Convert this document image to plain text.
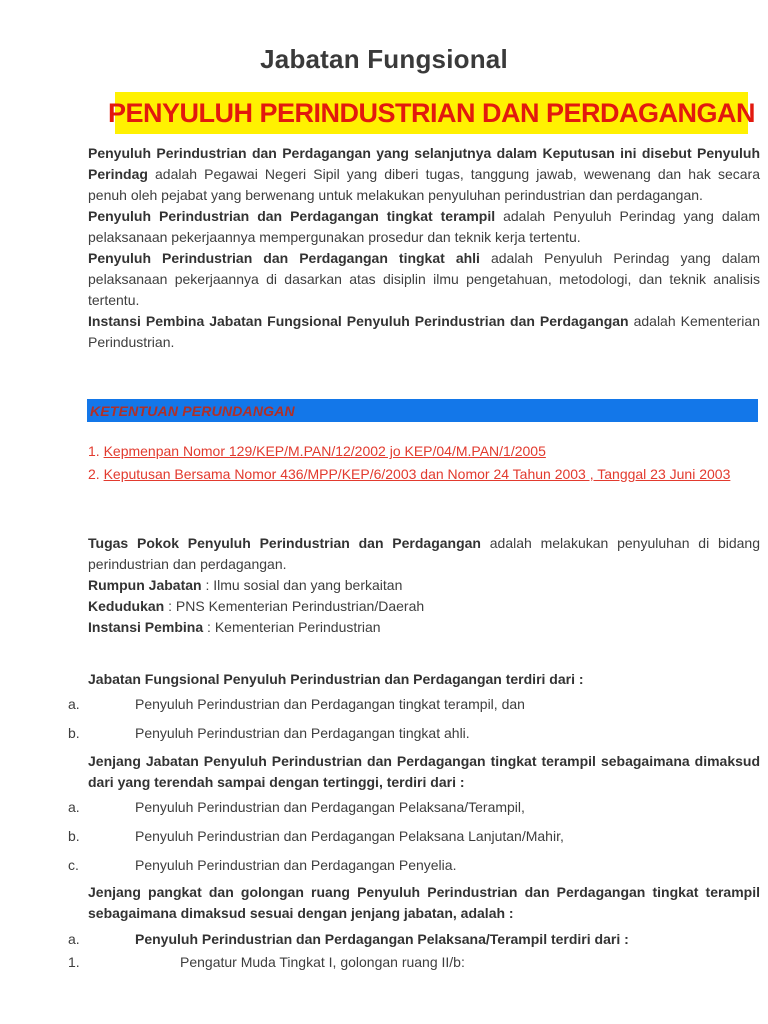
Jabatan Fungsional

PENYULUH PERINDUSTRIAN DAN PERDAGANGAN

Penyuluh Perindustrian dan Perdagangan yang selanjutnya dalam Keputusan ini disebut Penyuluh Perindag adalah Pegawai Negeri Sipil yang diberi tugas, tanggung jawab, wewenang dan hak secara penuh oleh pejabat yang berwenang untuk melakukan penyuluhan perindustrian dan perdagangan.

Penyuluh Perindustrian dan Perdagangan tingkat terampil adalah Penyuluh Perindag yang dalam pelaksanaan pekerjaannya mempergunakan prosedur dan teknik kerja tertentu.

Penyuluh Perindustrian dan Perdagangan tingkat ahli adalah Penyuluh Perindag yang dalam pelaksanaan pekerjaannya di dasarkan atas disiplin ilmu pengetahuan, metodologi, dan teknik analisis tertentu.

Instansi Pembina Jabatan Fungsional Penyuluh Perindustrian dan Perdagangan adalah Kementerian Perindustrian.

KETENTUAN PERUNDANGAN

1. Kepmenpan Nomor 129/KEP/M.PAN/12/2002 jo KEP/04/M.PAN/1/2005

2. Keputusan Bersama Nomor 436/MPP/KEP/6/2003 dan Nomor 24 Tahun 2003 , Tanggal 23 Juni 2003

Tugas Pokok Penyuluh Perindustrian dan Perdagangan adalah melakukan penyuluhan di bidang perindustrian dan perdagangan.

Rumpun Jabatan : Ilmu sosial dan yang berkaitan

Kedudukan : PNS Kementerian Perindustrian/Daerah

Instansi Pembina : Kementerian Perindustrian

Jabatan Fungsional Penyuluh Perindustrian dan Perdagangan terdiri dari :

a.	Penyuluh Perindustrian dan Perdagangan tingkat terampil, dan
b.	Penyuluh Perindustrian dan Perdagangan tingkat ahli.

Jenjang Jabatan Penyuluh Perindustrian dan Perdagangan tingkat terampil sebagaimana dimaksud dari yang terendah sampai dengan tertinggi, terdiri dari :

a.	Penyuluh Perindustrian dan Perdagangan Pelaksana/Terampil,
b.	Penyuluh Perindustrian dan Perdagangan Pelaksana Lanjutan/Mahir,
c.	Penyuluh Perindustrian dan Perdagangan Penyelia.

Jenjang pangkat dan golongan ruang Penyuluh Perindustrian dan Perdagangan tingkat terampil sebagaimana dimaksud sesuai dengan jenjang jabatan, adalah :

a.	Penyuluh Perindustrian dan Perdagangan Pelaksana/Terampil terdiri dari :
1.	Pengatur Muda Tingkat I, golongan ruang II/b:
